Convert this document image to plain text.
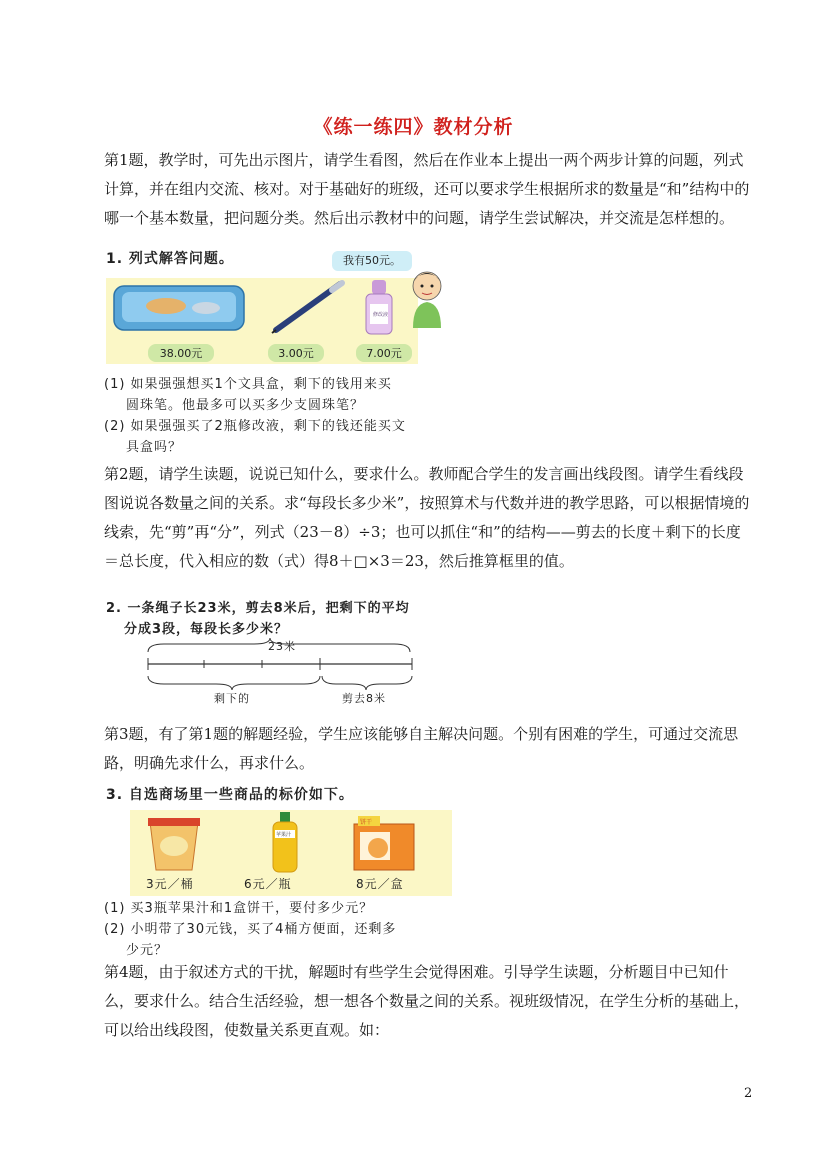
《练一练四》教材分析
第1题，教学时，可先出示图片，请学生看图，然后在作业本上提出一两个两步计算的问题，列式计算，并在组内交流、核对。对于基础好的班级，还可以要求学生根据所求的数量是“和”结构中的哪一个基本数量，把问题分类。然后出示教材中的问题，请学生尝试解决，并交流是怎样想的。
1. 列式解答问题。	我有50元。
修改液
38.00元	3.00元	7.00元
(1) 如果强强想买1个文具盒，剩下的钱用来买
圆珠笔。他最多可以买多少支圆珠笔？
(2) 如果强强买了2瓶修改液，剩下的钱还能买文
具盒吗？
第2题，请学生读题，说说已知什么，要求什么。教师配合学生的发言画出线段图。请学生看线段图说说各数量之间的关系。求“每段长多少米”，按照算术与代数并进的教学思路，可以根据情境的线索，先“剪”再“分”，列式（23－8）÷3；也可以抓住“和”的结构——剪去的长度＋剩下的长度＝总长度，代入相应的数（式）得8＋□×3＝23，然后推算框里的值。
2. 一条绳子长23米，剪去8米后，把剩下的平均
分成3段，每段长多少米？
23米
剩下的	剪去8米
第3题，有了第1题的解题经验，学生应该能够自主解决问题。个别有困难的学生，可通过交流思路，明确先求什么，再求什么。
3. 自选商场里一些商品的标价如下。
苹果汁
饼干
3元／桶	6元／瓶	8元／盒
(1) 买3瓶苹果汁和1盒饼干，要付多少元？
(2) 小明带了30元钱，买了4桶方便面，还剩多
少元？
第4题，由于叙述方式的干扰，解题时有些学生会觉得困难。引导学生读题，分析题目中已知什么，要求什么。结合生活经验，想一想各个数量之间的关系。视班级情况，在学生分析的基础上，可以给出线段图，使数量关系更直观。如：
2
